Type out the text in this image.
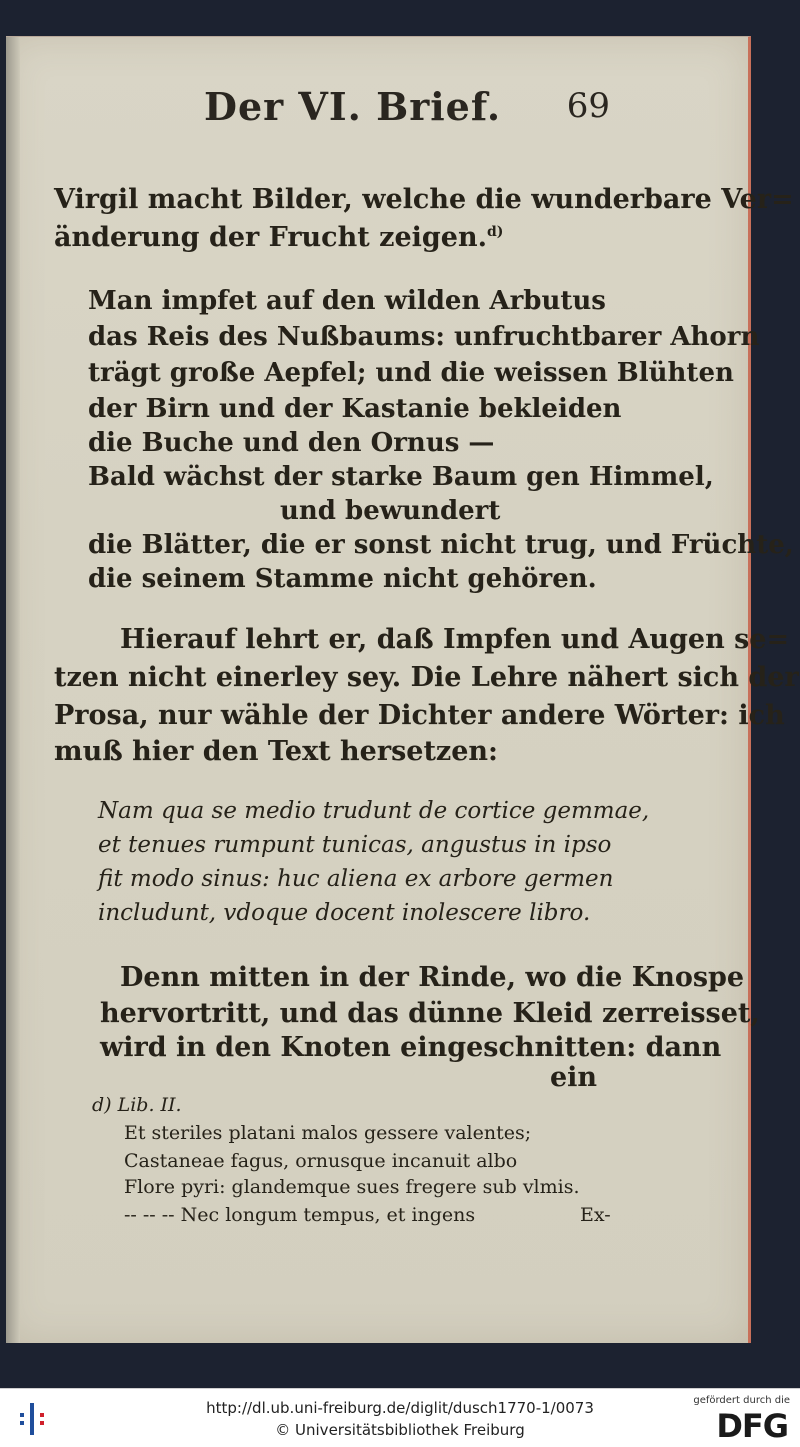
Der VI. Brief. 69
Virgil macht Bilder, welche die wunderbare Ver=
änderung der Frucht zeigen.$^{d)}$
Man impfet auf den wilden Arbutus
das Reis des Nußbaums: unfruchtbarer Ahorn
trägt große Aepfel; und die weissen Blühten
der Birn und der Kastanie bekleiden
die Buche und den Ornus —
Bald wächst der starke Baum gen Himmel,
und bewundert
die Blätter, die er sonst nicht trug, und Früchte,
die seinem Stamme nicht gehören.
Hierauf lehrt er, daß Impfen und Augen se=
tzen nicht einerley sey. Die Lehre nähert sich der
Prosa, nur wähle der Dichter andere Wörter: ich
muß hier den Text hersetzen:
Nam qua se medio trudunt de cortice gemmae,
et tenues rumpunt tunicas, angustus in ipso
fit modo sinus: huc aliena ex arbore germen
includunt, vdoque docent inolescere libro.
Denn mitten in der Rinde, wo die Knospe
hervortritt, und das dünne Kleid zerreisset,
wird in den Knoten eingeschnitten: dann
ein
d) Lib. II.
Et steriles platani malos gessere valentes;
Castaneae fagus, ornusque incanuit albo
Flore pyri: glandemque sues fregere sub vlmis.
-- -- -- Nec longum tempus, et ingens	Ex-
http://dl.ub.uni-freiburg.de/diglit/dusch1770-1/0073
© Universitätsbibliothek Freiburg
gefördert durch die
DFG
